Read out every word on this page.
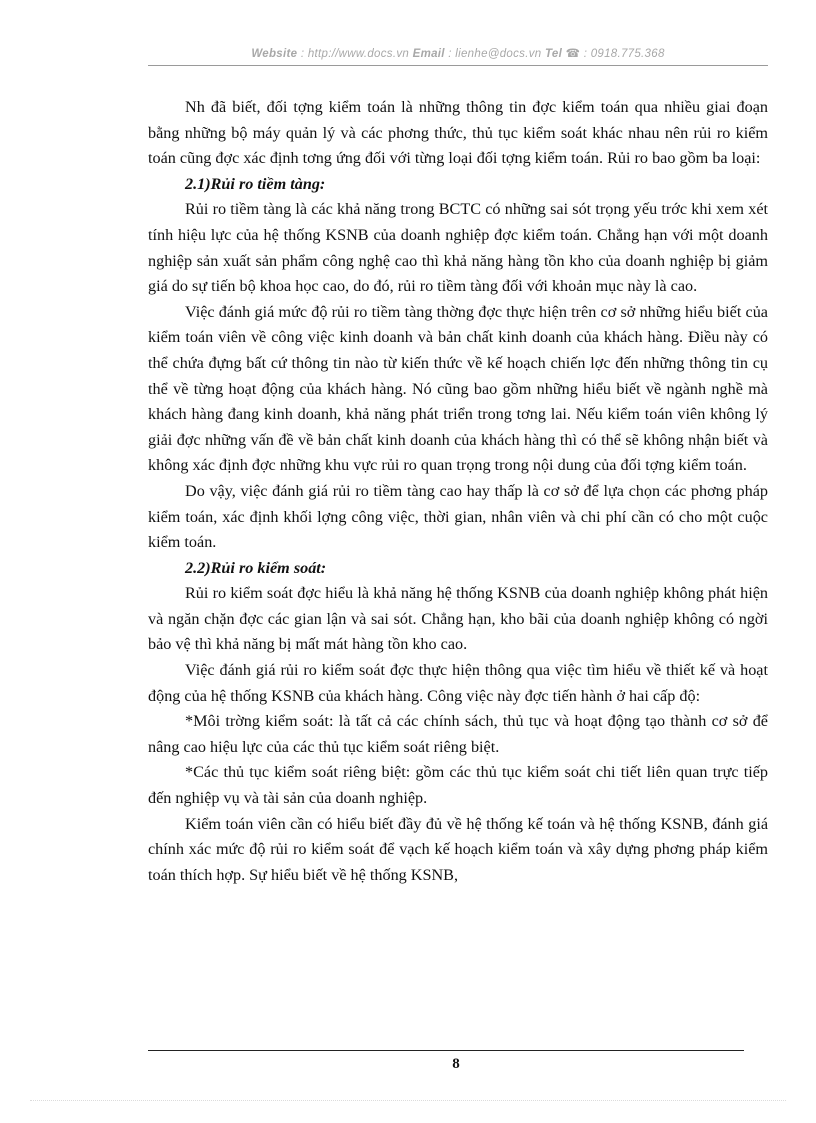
Website : http://www.docs.vn Email : lienhe@docs.vn Tel ☎ : 0918.775.368

Nh đã biết, đối tợng kiểm toán là những thông tin đợc kiểm toán qua nhiều giai đoạn bằng những bộ máy quản lý và các phơng thức, thủ tục kiểm soát khác nhau nên rủi ro kiểm toán cũng đợc xác định tơng ứng đối với từng loại đối tợng kiểm toán. Rủi ro bao gồm ba loại:

2.1)Rủi ro tiềm tàng:

Rủi ro tiềm tàng là các khả năng trong BCTC có những sai sót trọng yếu trớc khi xem xét tính hiệu lực của hệ thống KSNB của doanh nghiệp đợc kiểm toán. Chẳng hạn với một doanh nghiệp sản xuất sản phẩm công nghệ cao thì khả năng hàng tồn kho của doanh nghiệp bị giảm giá do sự tiến bộ khoa học cao, do đó, rủi ro tiềm tàng đối với khoản mục này là cao.

Việc đánh giá mức độ rủi ro tiềm tàng thờng đợc thực hiện trên cơ sở những hiểu biết của kiểm toán viên về công việc kinh doanh và bản chất kinh doanh của khách hàng. Điều này có thể chứa đựng bất cứ thông tin nào từ kiến thức về kế hoạch chiến lợc đến những thông tin cụ thể về từng hoạt động của khách hàng. Nó cũng bao gồm những hiểu biết về ngành nghề mà khách hàng đang kinh doanh, khả năng phát triển trong tơng lai. Nếu kiểm toán viên không lý giải đợc những vấn đề về bản chất kinh doanh của khách hàng thì có thể sẽ không nhận biết và không xác định đợc những khu vực rủi ro quan trọng trong nội dung của đối tợng kiểm toán.

Do vậy, việc đánh giá rủi ro tiềm tàng cao hay thấp là cơ sở để lựa chọn các phơng pháp kiểm toán, xác định khối lợng công việc, thời gian, nhân viên và chi phí cần có cho một cuộc kiểm toán.

2.2)Rủi ro kiểm soát:

Rủi ro kiểm soát đợc hiểu là khả năng hệ thống KSNB của doanh nghiệp không phát hiện và ngăn chặn đợc các gian lận và sai sót. Chẳng hạn, kho bãi của doanh nghiệp không có ngời bảo vệ thì khả năng bị mất mát hàng tồn kho cao.

Việc đánh giá rủi ro kiểm soát đợc thực hiện thông qua việc tìm hiểu về thiết kế và hoạt động của hệ thống KSNB của khách hàng. Công việc này đợc tiến hành ở hai cấp độ:

*Môi trờng kiểm soát: là tất cả các chính sách, thủ tục và hoạt động tạo thành cơ sở để nâng cao hiệu lực của các thủ tục kiểm soát riêng biệt.

*Các thủ tục kiểm soát riêng biệt: gồm các thủ tục kiểm soát chi tiết liên quan trực tiếp đến nghiệp vụ và tài sản của doanh nghiệp.

Kiểm toán viên cần có hiểu biết đầy đủ về hệ thống kế toán và hệ thống KSNB, đánh giá chính xác mức độ rủi ro kiểm soát để vạch kế hoạch kiểm toán và xây dựng phơng pháp kiểm toán thích hợp. Sự hiểu biết về hệ thống KSNB,

8
